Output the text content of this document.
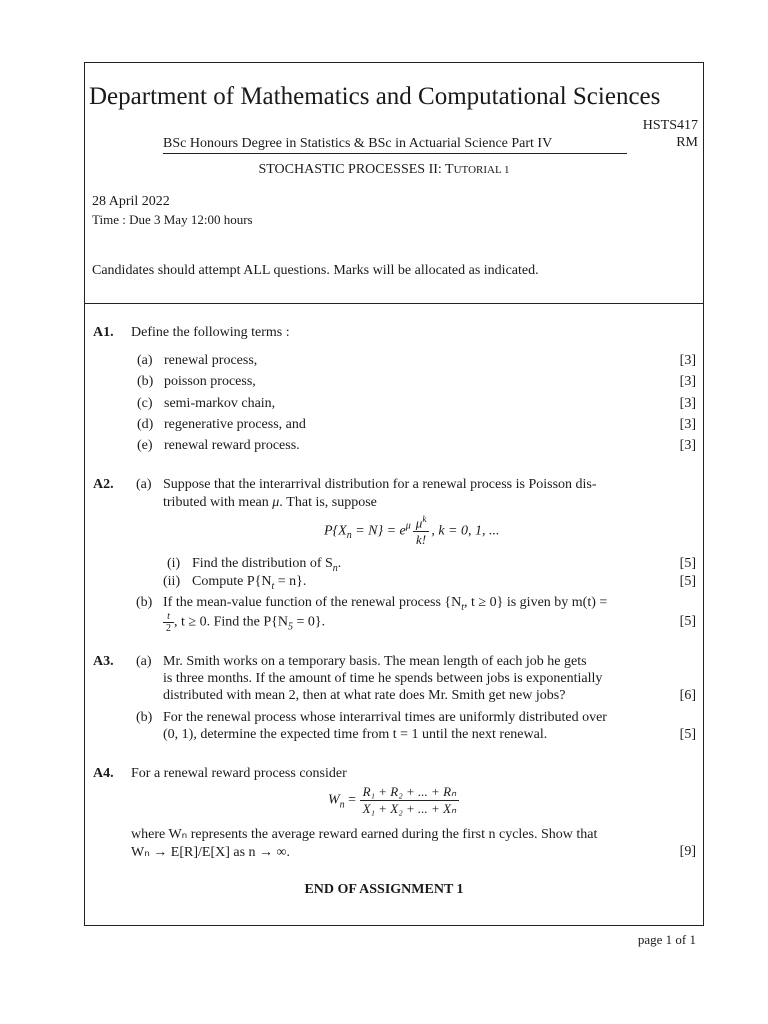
Department of Mathematics and Computational Sciences
HSTS417
RM
BSc Honours Degree in Statistics & BSc in Actuarial Science Part IV
STOCHASTIC PROCESSES II: TUTORIAL 1
28 April 2022
Time : Due 3 May 12:00 hours
Candidates should attempt ALL questions. Marks will be allocated as indicated.
A1. Define the following terms :
(a) renewal process,	[3]
(b) poisson process,	[3]
(c) semi-markov chain,	[3]
(d) regenerative process, and	[3]
(e) renewal reward process.	[3]
A2. (a) Suppose that the interarrival distribution for a renewal process is Poisson dis-
tributed with mean μ. That is, suppose
$P\{X_n = N\} = e^\mu \frac{\mu^k}{k!}$ , k = 0, 1, ...
(i) Find the distribution of $S_n$.	[5]
(ii) Compute $P\{N_t = n\}$.	[5]
(b) If the mean-value function of the renewal process {$N_t$, t ≥ 0} is given by m(t) =
$\frac{t}{2}$ , t ≥ 0. Find the $P\{N_5 = 0\}$.	[5]
A3. (a) Mr. Smith works on a temporary basis. The mean length of each job he gets
is three months. If the amount of time he spends between jobs is exponentially
distributed with mean 2, then at what rate does Mr. Smith get new jobs?	[6]
(b) For the renewal process whose interarrival times are uniformly distributed over
(0, 1), determine the expected time from t = 1 until the next renewal.	[5]
A4. For a renewal reward process consider
$W_n = \frac{\text{R₁ + R₂ + ... + Rₙ}}{\text{X₁ + X₂ + ... + Xₙ}}$
where Wₙ represents the average reward earned during the first n cycles. Show that
Wₙ → E[R]/E[X] as n → ∞.	[9]
END OF ASSIGNMENT 1
page 1 of 1
